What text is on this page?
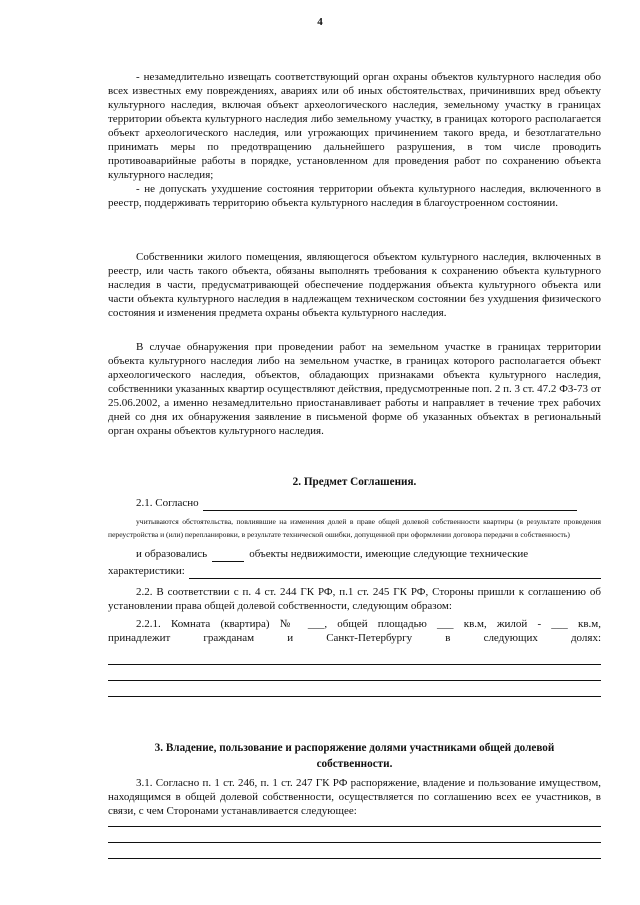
4

- незамедлительно извещать соответствующий орган охраны объектов культурного наследия обо всех известных ему повреждениях, авариях или об иных обстоятельствах, причинивших вред объекту культурного наследия, включая объект археологического наследия, земельному участку в границах территории объекта культурного наследия либо земельному участку, в границах которого располагается объект археологического наследия, или угрожающих причинением такого вреда, и безотлагательно принимать меры по предотвращению дальнейшего разрушения, в том числе проводить противоаварийные работы в порядке, установленном для проведения работ по сохранению объекта культурного наследия;

- не допускать ухудшение состояния территории объекта культурного наследия, включенного в реестр, поддерживать территорию объекта культурного наследия в благоустроенном состоянии.

Собственники жилого помещения, являющегося объектом культурного наследия, включенных в реестр, или часть такого объекта, обязаны выполнять требования к сохранению объекта культурного наследия в части, предусматривающей обеспечение поддержания объекта культурного объекта или части объекта культурного наследия в надлежащем техническом состоянии без ухудшения физического состояния и изменения предмета охраны объекта культурного наследия.

В случае обнаружения при проведении работ на земельном участке в границах территории объекта культурного наследия либо на земельном участке, в границах которого располагается объект археологического наследия, объектов, обладающих признаками объекта культурного наследия, собственники указанных квартир осуществляют действия, предусмотренные поп. 2 п. 3 ст. 47.2 ФЗ-73 от 25.06.2002, а именно незамедлительно приостанавливает работы и направляет в течение трех рабочих дней со дня их обнаружения заявление в письменой форме об указанных объектах в региональный орган охраны объектов культурного наследия.

2. Предмет Соглашения.

2.1. Согласно

учитываются обстоятельства, повлиявшие на изменения долей в праве общей долевой собственности квартиры (в результате проведения переустройства и (или) перепланировки, в результате технической ошибки, допущенной при оформлении договора передачи в собственность)

и образовались	объекты недвижимости, имеющие следующие технические
характеристики:

2.2. В соответствии с п. 4 ст. 244 ГК РФ, п.1 ст. 245 ГК РФ, Стороны пришли к соглашению об установлении права общей долевой собственности, следующим образом:

2.2.1. Комната (квартира) № ___, общей площадью ___ кв.м, жилой - ___ кв.м,

принадлежит гражданам и Санкт-Петербургу в следующих долях:

3. Владение, пользование и распоряжение долями участниками общей долевой

собственности.

3.1. Согласно п. 1 ст. 246, п. 1 ст. 247 ГК РФ распоряжение, владение и пользование имуществом, находящимся в общей долевой собственности, осуществляется по соглашению всех ее участников, в связи, с чем Сторонами устанавливается следующее:
